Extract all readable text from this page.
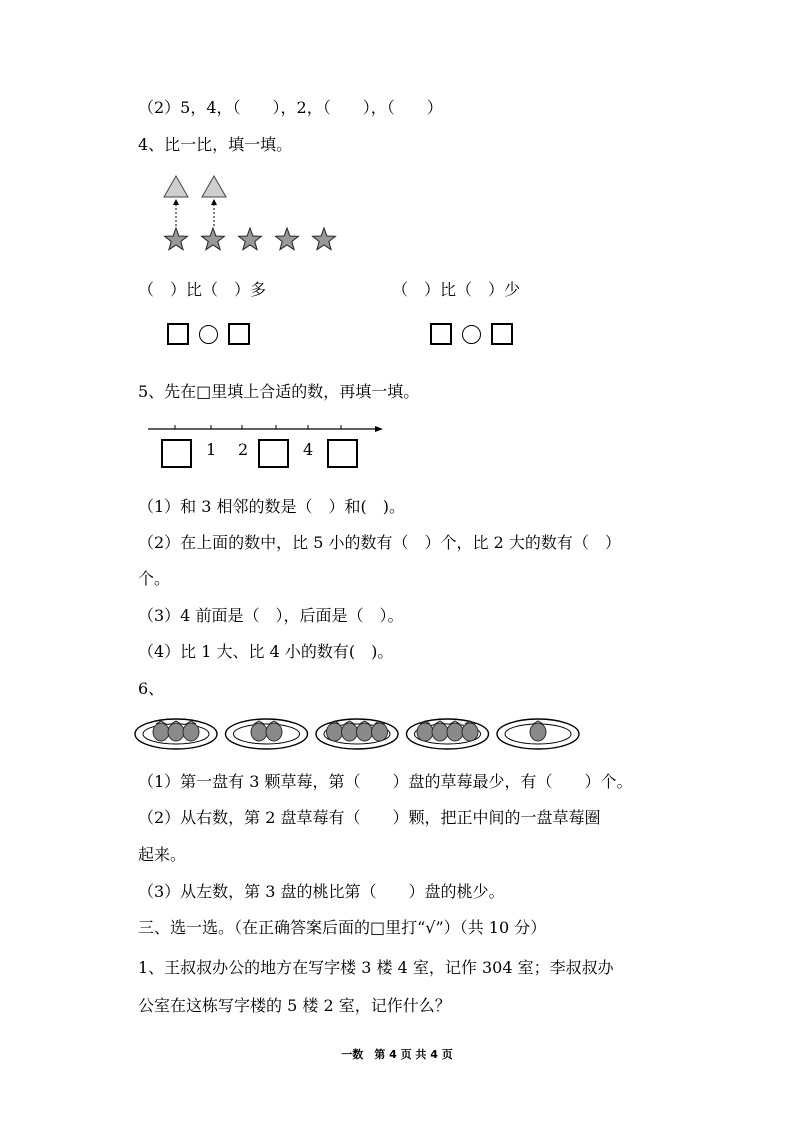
（2）5，4，（　　），2，（　　），（　　）
4、比一比，填一填。
（　）比（　）多	（　）比（　）少
5、先在□里填上合适的数，再填一填。
1 2	4
（1）和 3 相邻的数是（　）和(　)。
（2）在上面的数中，比 5 小的数有（　）个，比 2 大的数有（　）
个。
（3）4 前面是（　），后面是（　）。
（4）比 1 大、比 4 小的数有(　)。
6、
（1）第一盘有 3 颗草莓，第（　　）盘的草莓最少，有（　　）个。
（2）从右数，第 2 盘草莓有（　　）颗，把正中间的一盘草莓圈
起来。
（3）从左数，第 3 盘的桃比第（　　）盘的桃少。
三、选一选。（在正确答案后面的□里打“√”）（共 10 分）
1、王叔叔办公的地方在写字楼 3 楼 4 室，记作 304 室；李叔叔办
公室在这栋写字楼的 5 楼 2 室，记作什么？
一数　第 4 页 共 4 页
